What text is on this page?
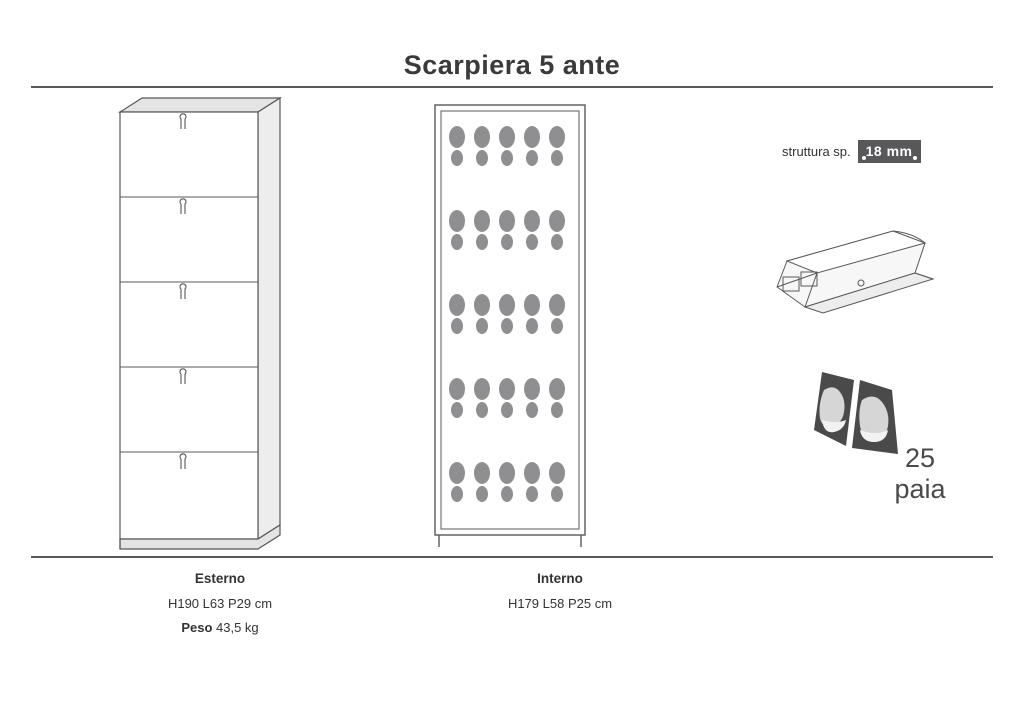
Scarpiera 5 ante
struttura sp.	18 mm
25
paia
Esterno
H190 L63 P29 cm
Peso 43,5 kg
Interno
H179 L58 P25 cm
